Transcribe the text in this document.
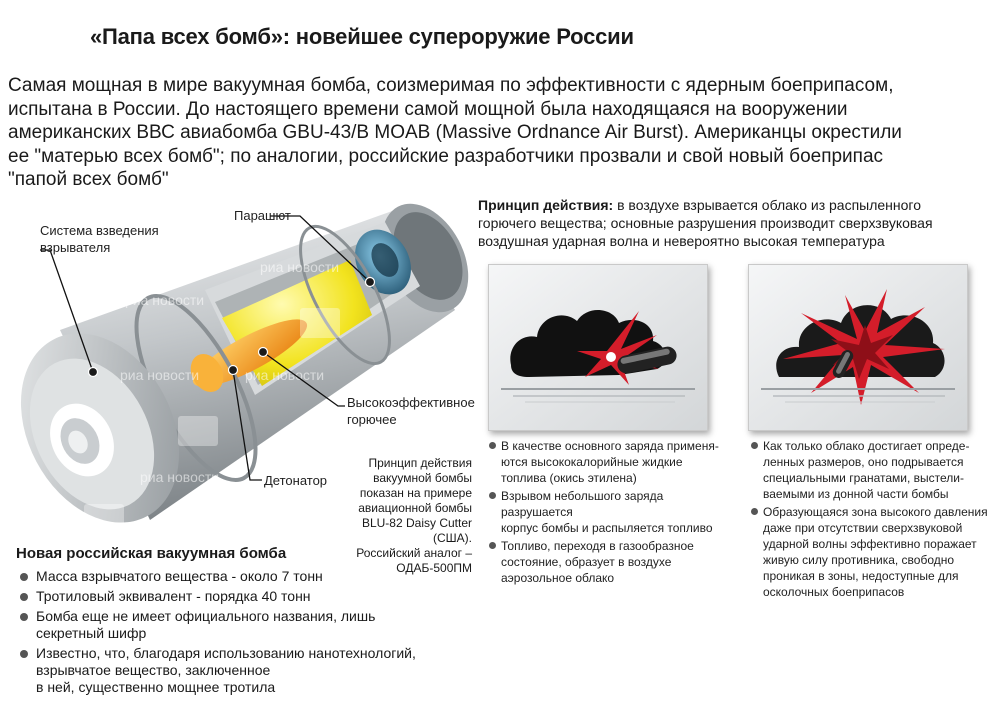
«Папа всех бомб»: новейшее супероружие России
Самая мощная в мире вакуумная бомба, соизмеримая по эффективности с ядерным боеприпасом,
испытана в России. До настоящего времени самой мощной была находящаяся на вооружении
американских ВВС авиабомба GBU-43/B MOAB (Massive Ordnance Air Burst). Американцы окрестили
ее "матерью всех бомб"; по аналогии, российские разработчики прозвали и свой новый боеприпас
"папой всех бомб"
риа новости
риа новости
риа новости	риа новости
риа новости
Система взведения
взрывателя
Парашют
Высокоэффективное
горючее
Детонатор
Принцип действия
вакуумной бомбы
показан на примере
авиационной бомбы
BLU-82 Daisy Cutter (США).
Российский аналог –
ОДАБ-500ПМ
Новая российская вакуумная бомба
Масса взрывчатого вещества - около 7 тонн
Тротиловый эквивалент - порядка 40 тонн
Бомба еще не имеет официального названия, лишь
секретный шифр
Известно, что, благодаря использованию нанотехнологий,
взрывчатое вещество, заключенное
в ней, существенно мощнее тротила
Принцип действия: в воздухе взрывается облако из распыленного
горючего вещества; основные разрушения производит сверхзвуковая
воздушная ударная волна и невероятно высокая температура
В качестве основного заряда применя-
ются высококалорийные жидкие
топлива (окись этилена)
Взрывом небольшого заряда разрушается
корпус бомбы и распыляется топливо
Топливо, переходя в газообразное
состояние, образует в воздухе
аэрозольное облако
Как только облако достигает опреде-
ленных размеров, оно подрывается
специальными гранатами, выстели-
ваемыми из донной части бомбы
Образующаяся зона высокого давления
даже при отсутствии сверхзвуковой
ударной волны эффективно поражает
живую силу противника, свободно
проникая в зоны, недоступные для
осколочных боеприпасов
